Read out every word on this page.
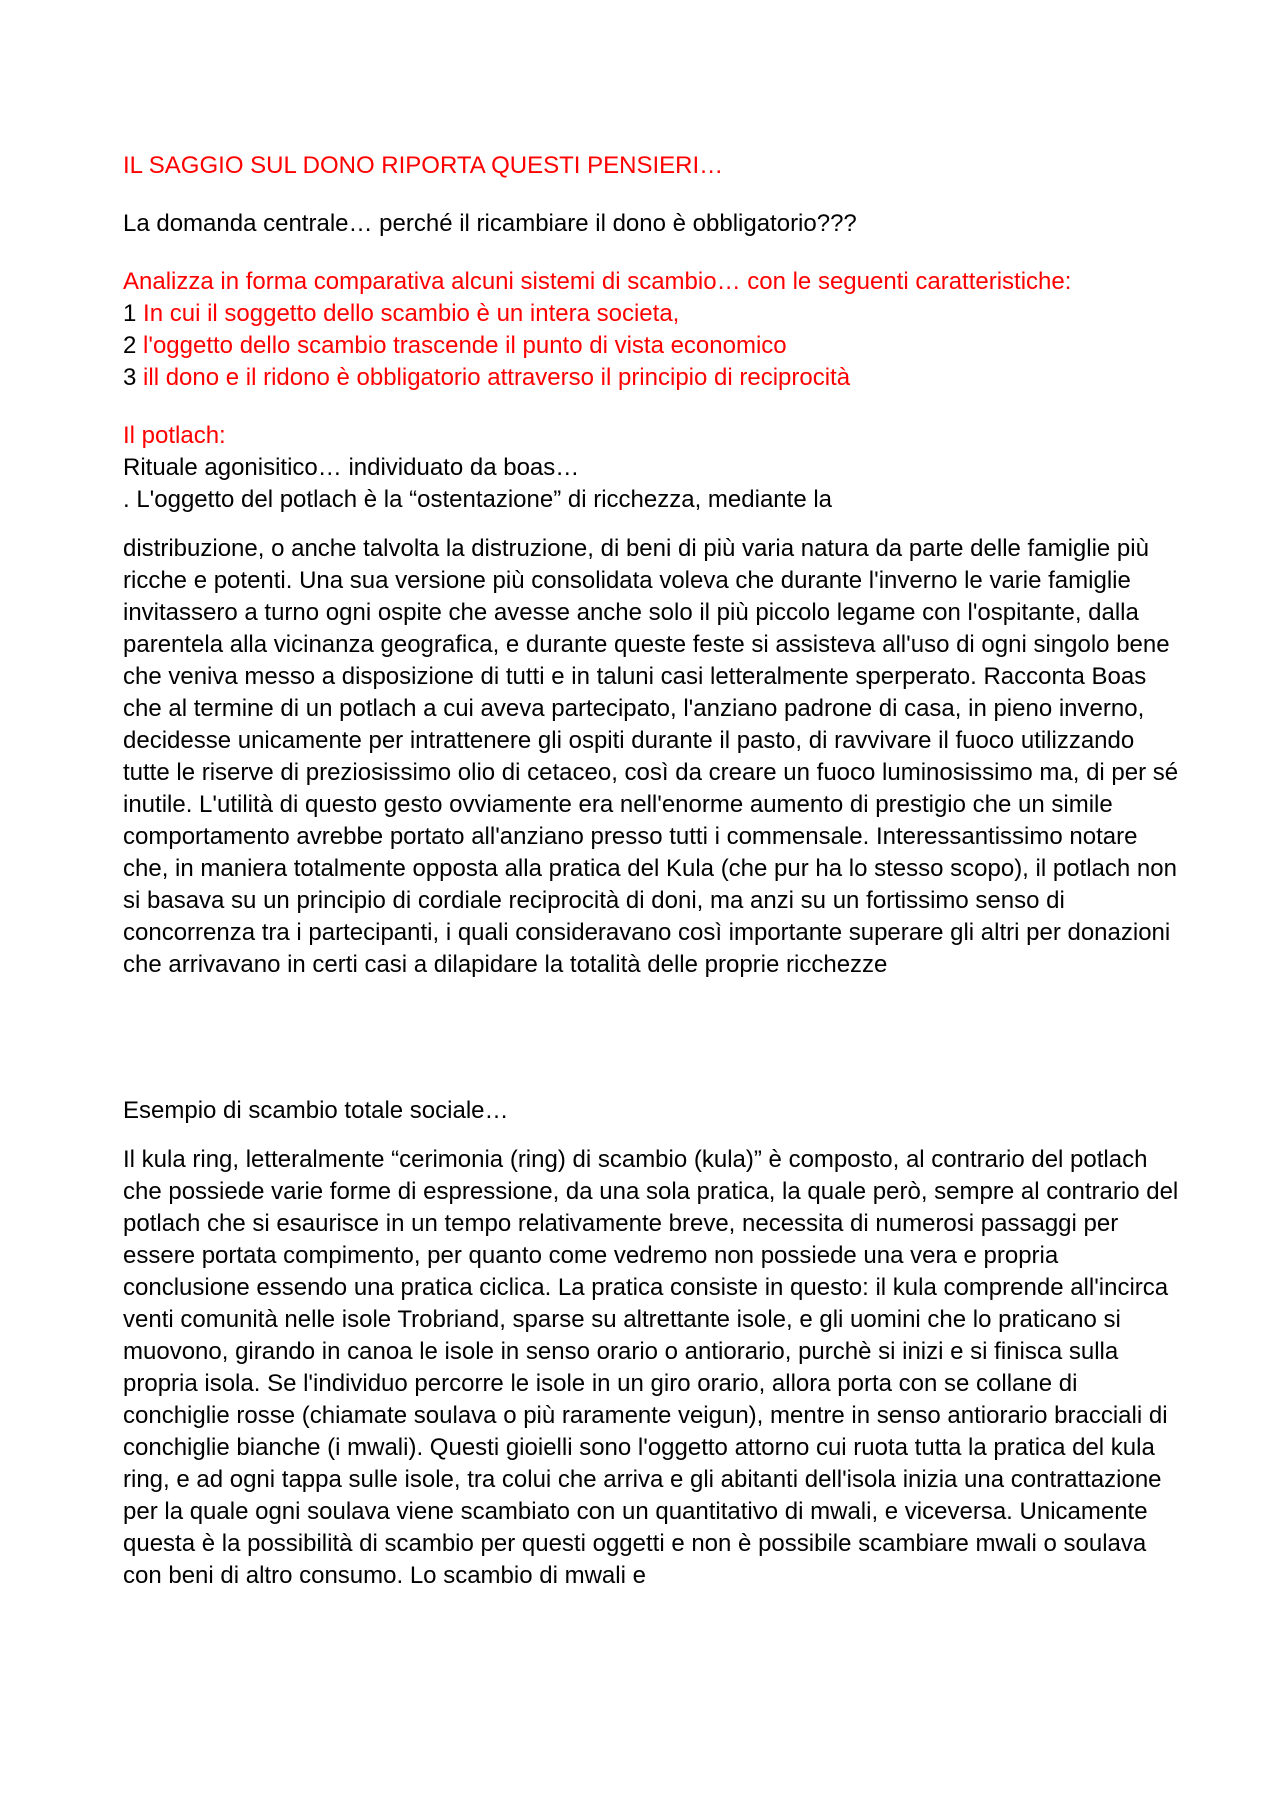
IL SAGGIO SUL DONO RIPORTA QUESTI PENSIERI…
La domanda centrale… perché il ricambiare il dono è obbligatorio???
Analizza in forma comparativa alcuni sistemi di scambio… con le seguenti caratteristiche:
1 In cui il soggetto dello scambio è un intera societa,
2 l'oggetto dello scambio trascende il punto di vista economico
3 ill dono e il ridono è obbligatorio attraverso il principio di reciprocità
Il potlach:
Rituale agonisitico… individuato da boas…
. L'oggetto del potlach è la “ostentazione” di ricchezza, mediante la
distribuzione, o anche talvolta la distruzione, di beni di più varia natura da parte delle famiglie più ricche e potenti. Una sua versione più consolidata voleva che durante l'inverno le varie famiglie invitassero a turno ogni ospite che avesse anche solo il più piccolo legame con l'ospitante, dalla parentela alla vicinanza geografica, e durante queste feste si assisteva all'uso di ogni singolo bene che veniva messo a disposizione di tutti e in taluni casi letteralmente sperperato. Racconta Boas che al termine di un potlach a cui aveva partecipato, l'anziano padrone di casa, in pieno inverno, decidesse unicamente per intrattenere gli ospiti durante il pasto, di ravvivare il fuoco utilizzando tutte le riserve di preziosissimo olio di cetaceo, così da creare un fuoco luminosissimo ma, di per sé inutile. L'utilità di questo gesto ovviamente era nell'enorme aumento di prestigio che un simile comportamento avrebbe portato all'anziano presso tutti i commensale. Interessantissimo notare che, in maniera totalmente opposta alla pratica del Kula (che pur ha lo stesso scopo), il potlach non si basava su un principio di cordiale reciprocità di doni, ma anzi su un fortissimo senso di concorrenza tra i partecipanti, i quali consideravano così importante superare gli altri per donazioni che arrivavano in certi casi a dilapidare la totalità delle proprie ricchezze
Esempio di scambio totale sociale…
Il kula ring, letteralmente “cerimonia (ring) di scambio (kula)” è composto, al contrario del potlach che possiede varie forme di espressione, da una sola pratica, la quale però, sempre al contrario del potlach che si esaurisce in un tempo relativamente breve, necessita di numerosi passaggi per essere portata compimento, per quanto come vedremo non possiede una vera e propria conclusione essendo una pratica ciclica. La pratica consiste in questo: il kula comprende all'incirca venti comunità nelle isole Trobriand, sparse su altrettante isole, e gli uomini che lo praticano si muovono, girando in canoa le isole in senso orario o antiorario, purchè si inizi e si finisca sulla propria isola. Se l'individuo percorre le isole in un giro orario, allora porta con se collane di conchiglie rosse (chiamate soulava o più raramente veigun), mentre in senso antiorario bracciali di conchiglie bianche (i mwali). Questi gioielli sono l'oggetto attorno cui ruota tutta la pratica del kula ring, e ad ogni tappa sulle isole, tra colui che arriva e gli abitanti dell'isola inizia una contrattazione per la quale ogni soulava viene scambiato con un quantitativo di mwali, e viceversa. Unicamente questa è la possibilità di scambio per questi oggetti e non è possibile scambiare mwali o soulava con beni di altro consumo. Lo scambio di mwali e
